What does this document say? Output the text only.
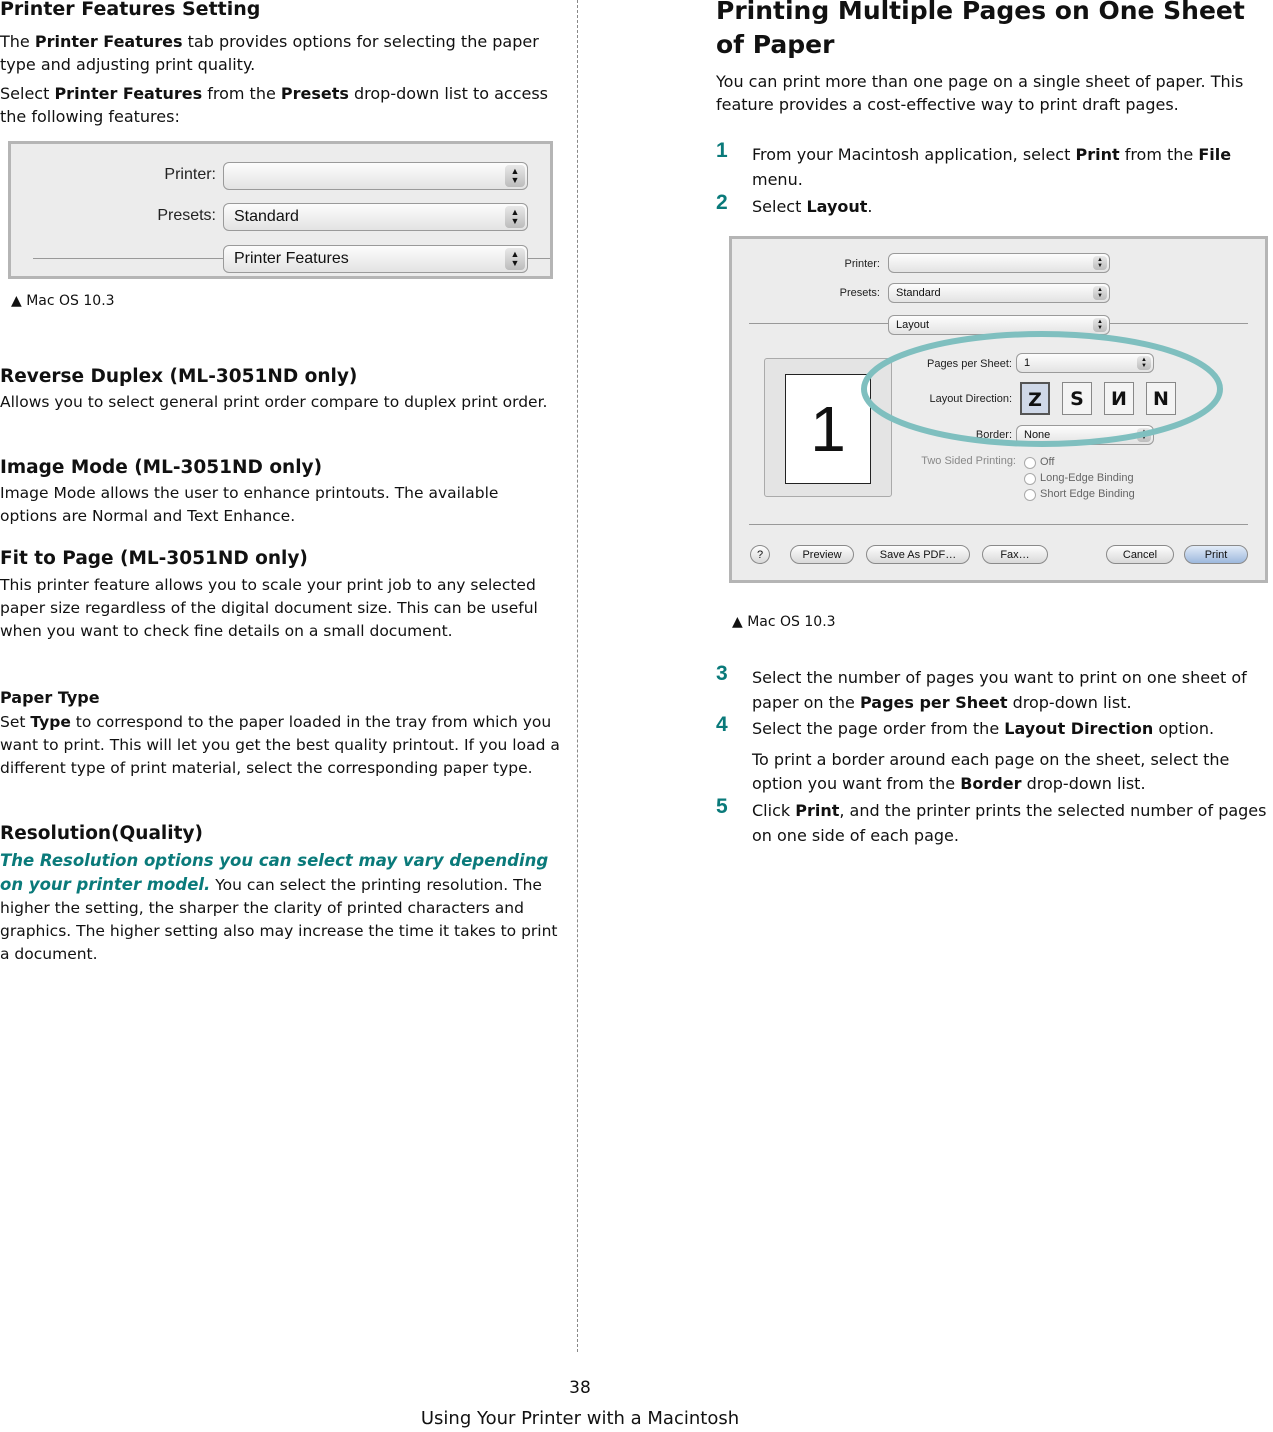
Printer Features Setting

The Printer Features tab provides options for selecting the paper type and adjusting print quality.

Select Printer Features from the Presets drop-down list to access the following features:

Printer:	▲
▼
Presets: Standard	▲
▼
Printer Features	▲
▼
▲ Mac OS 10.3
Reverse Duplex (ML-3051ND only)

Allows you to select general print order compare to duplex print order.

Image Mode (ML-3051ND only)

Image Mode allows the user to enhance printouts. The available options are Normal and Text Enhance.

Fit to Page (ML-3051ND only)

This printer feature allows you to scale your print job to any selected paper size regardless of the digital document size. This can be useful when you want to check fine details on a small document.

Paper Type

Set Type to correspond to the paper loaded in the tray from which you want to print. This will let you get the best quality printout. If you load a different type of print material, select the corresponding paper type.

Resolution(Quality)

The Resolution options you can select may vary depending on your printer model. You can select the printing resolution. The higher the setting, the sharper the clarity of printed characters and graphics. The higher setting also may increase the time it takes to print a document.

Printing Multiple Pages on One Sheet of Paper

You can print more than one page on a single sheet of paper. This feature provides a cost-effective way to print draft pages.

1 From your Macintosh application, select Print from the File menu.
2 Select Layout.
Printer:	▲
▼
Presets: Standard	▲
▼
Layout	▲
▼
1
Pages per Sheet: 1	▲
▼
Layout Direction: Z	S	И	N
Border: None	▲
▼
Two Sided Printing: Off
Long-Edge Binding
Short Edge Binding
?	Preview	Save As PDF…	Fax…	Cancel	Print
▲ Mac OS 10.3
3 Select the number of pages you want to print on one sheet of paper on the Pages per Sheet drop-down list.
4 Select the page order from the Layout Direction option.

To print a border around each page on the sheet, select the option you want from the Border drop-down list.

5 Click Print, and the printer prints the selected number of pages on one side of each page.
38
Using Your Printer with a Macintosh
